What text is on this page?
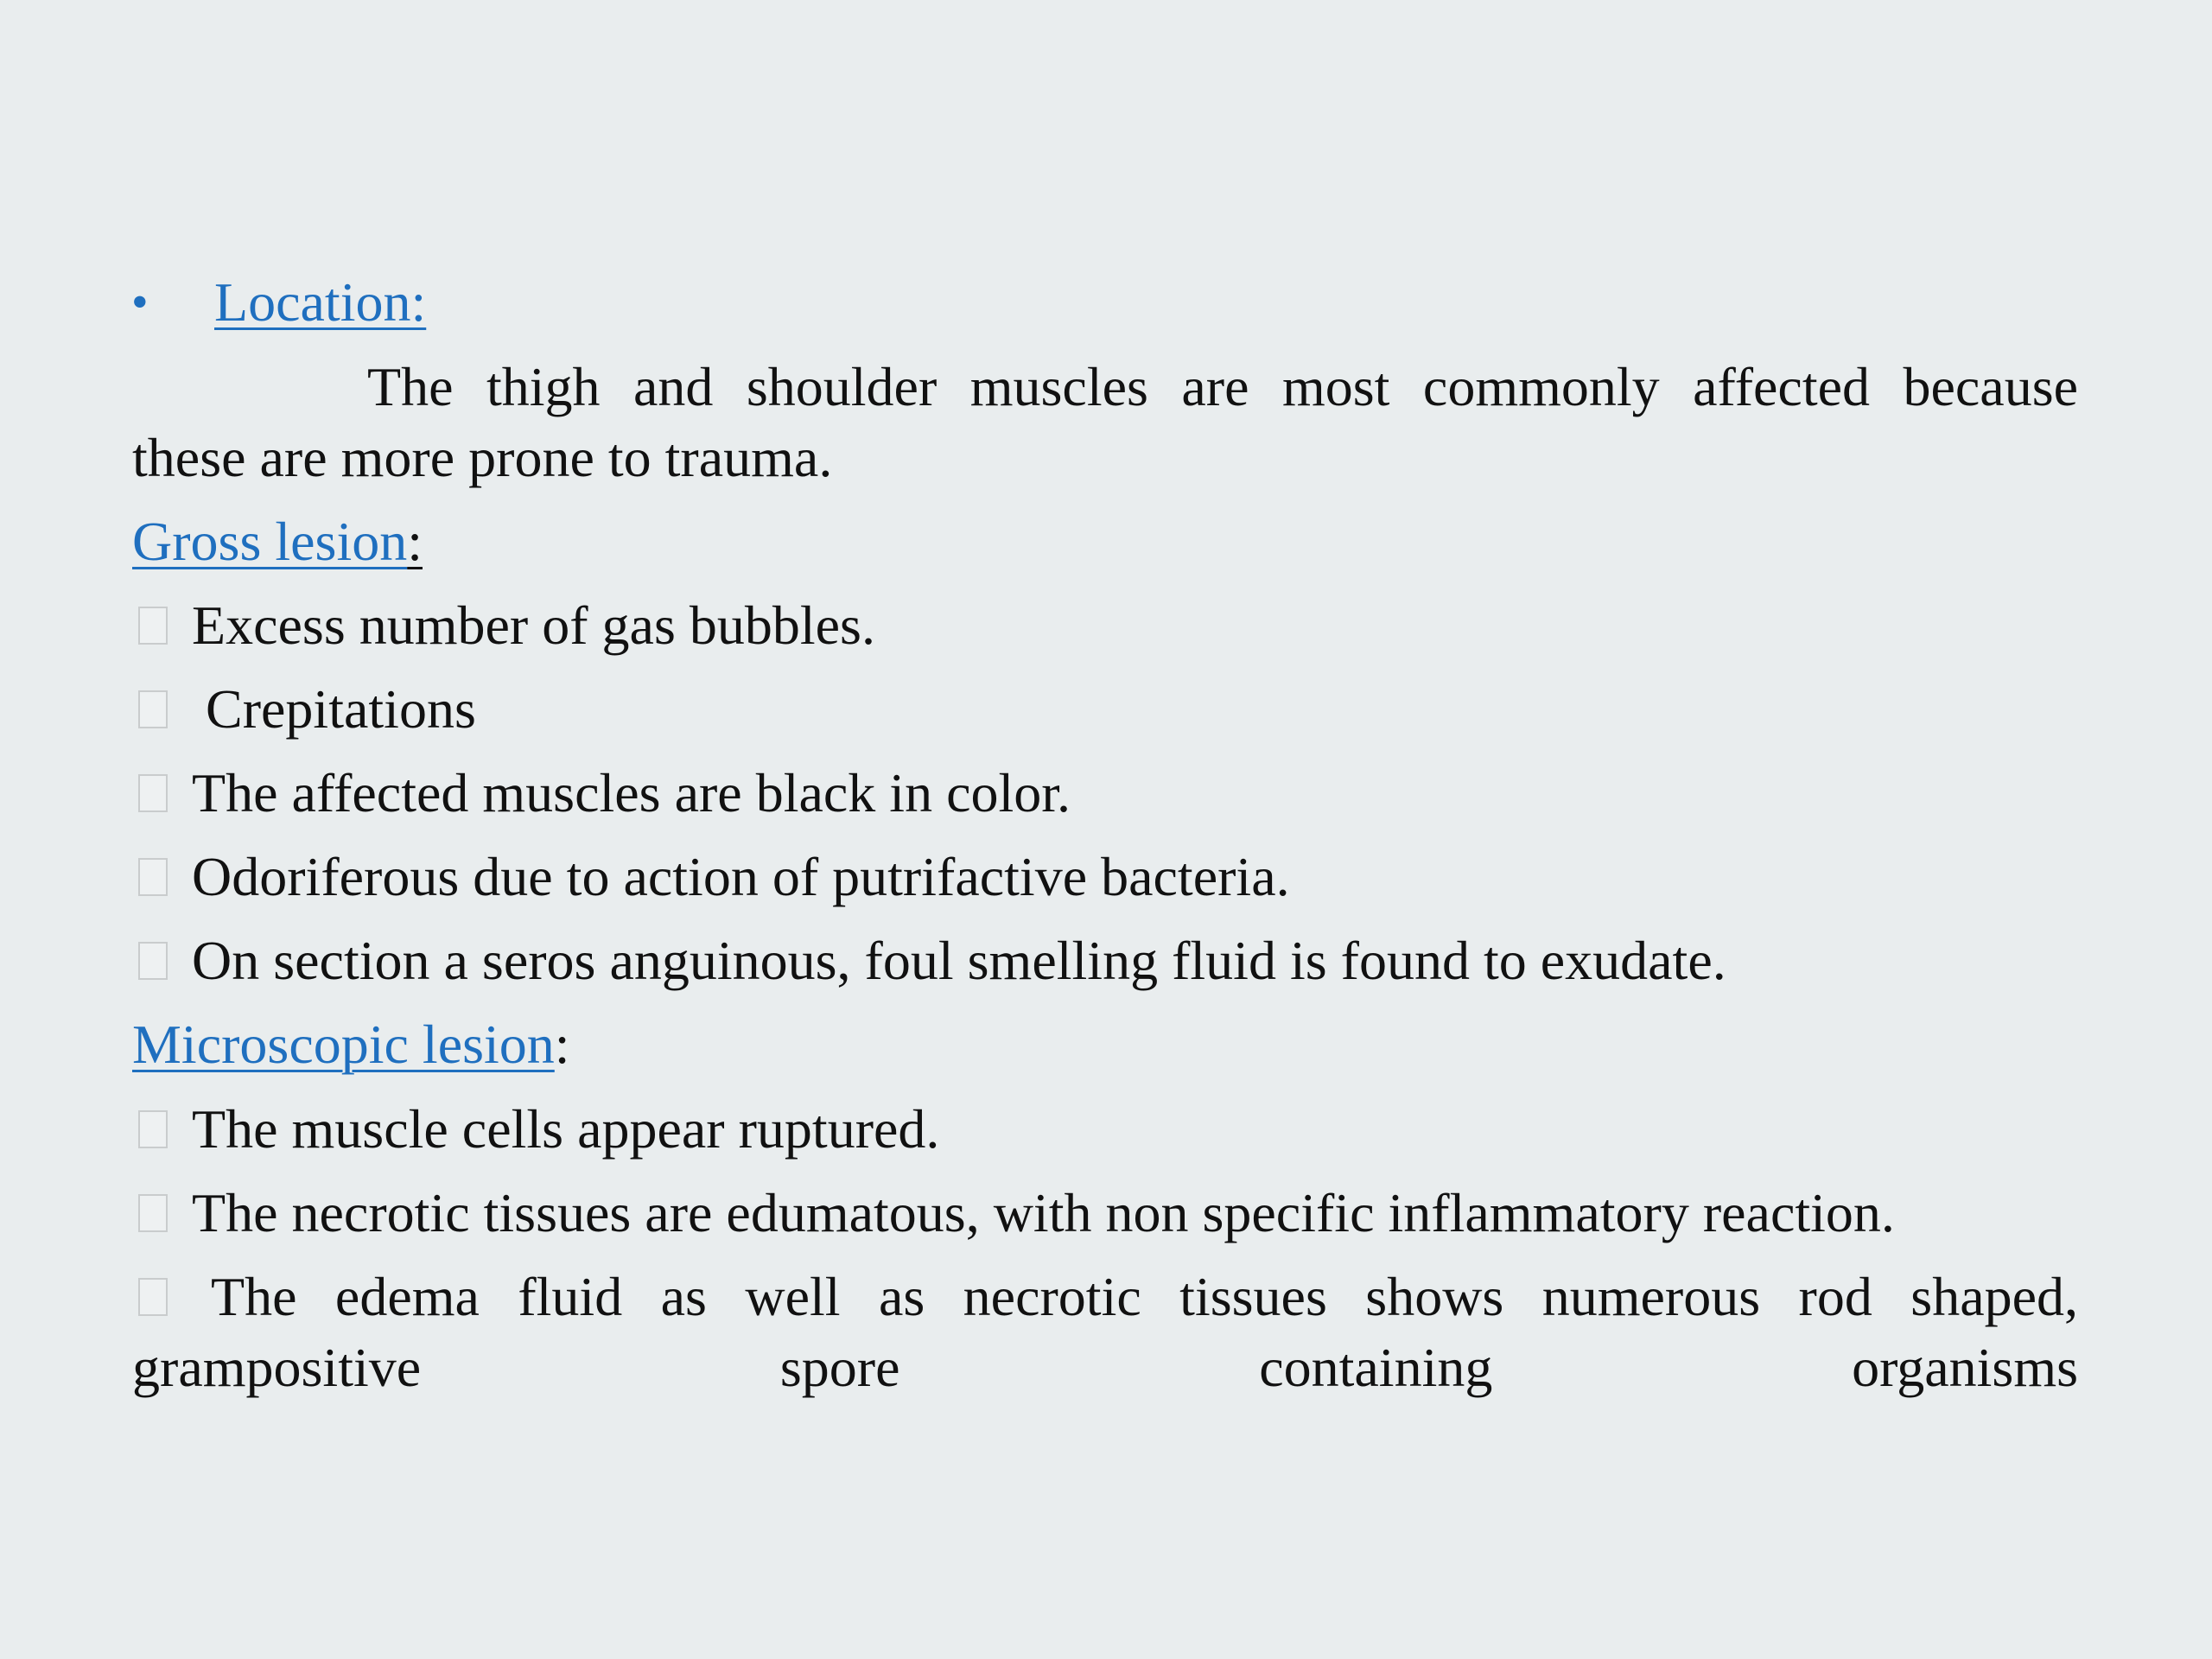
• Location:
The thigh and shoulder muscles are most commonly affected because
these are more prone to trauma.
Gross lesion:
Excess number of gas bubbles.
Crepitations
The affected muscles are black in color.
Odoriferous due to action of putrifactive bacteria.
On section a seros anguinous, foul smelling fluid is found to exudate.
Microscopic lesion:
The muscle cells appear ruptured.
The necrotic tissues are edumatous, with non specific inflammatory reaction.
The edema fluid as well as necrotic tissues shows numerous rod shaped,
grampositive spore containing organisms
